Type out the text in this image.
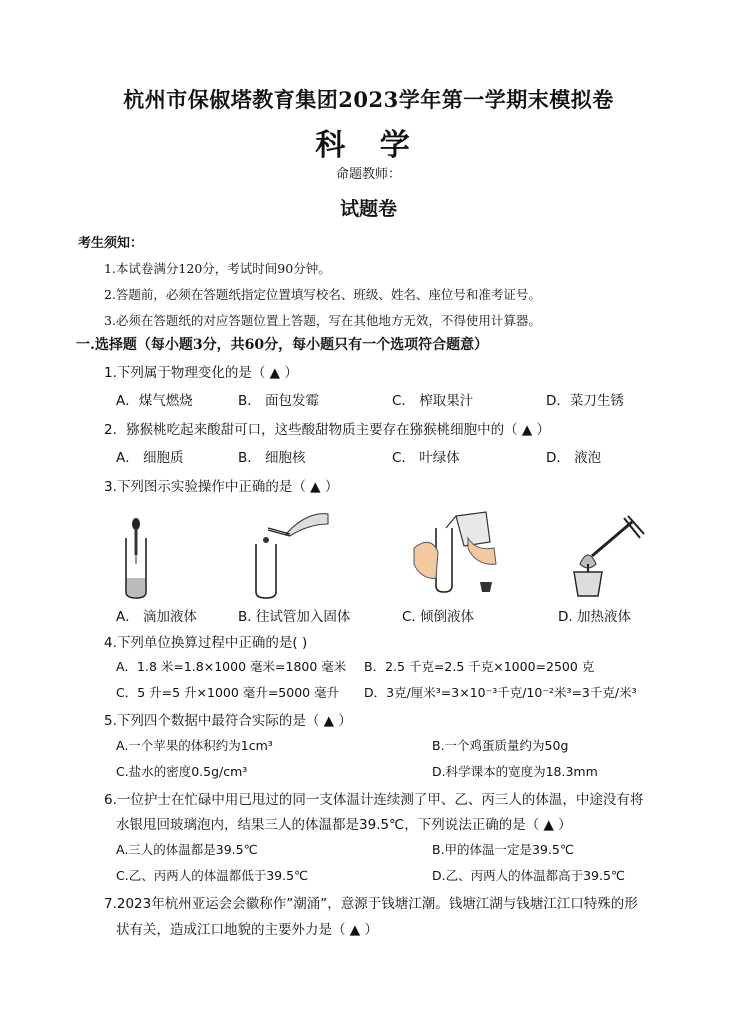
杭州市保俶塔教育集团2023学年第一学期末模拟卷
科 学
命题教师：
试题卷
考生须知：
1.本试卷满分120分，考试时间90分钟。
2.答题前，必须在答题纸指定位置填写校名、班级、姓名、座位号和准考证号。
3.必须在答题纸的对应答题位置上答题，写在其他地方无效，不得使用计算器。
一.选择题（每小题3分，共60分，每小题只有一个选项符合题意）
1.下列属于物理变化的是（ ▲ ）
A．煤气燃烧	B． 面包发霉	C． 榨取果汁	D．菜刀生锈
2．猕猴桃吃起来酸甜可口，这些酸甜物质主要存在猕猴桃细胞中的（ ▲ ）
A． 细胞质	B． 细胞核	C． 叶绿体	D． 液泡
3.下列图示实验操作中正确的是（ ▲ ）
A． 滴加液体	B. 往试管加入固体	C. 倾倒液体	D. 加热液体
4.下列单位换算过程中正确的是( )
A．1.8 米=1.8×1000 毫米=1800 毫米 B．2.5 千克=2.5 千克×1000=2500 克
C．5 升=5 升×1000 毫升=5000 毫升 D．3克/厘米³=3×10⁻³千克/10⁻²米³=3千克/米³
5.下列四个数据中最符合实际的是（ ▲ ）
A.一个苹果的体积约为1cm³	B.一个鸡蛋质量约为50g
C.盐水的密度0.5g/cm³	D.科学课本的宽度为18.3mm
6.一位护士在忙碌中用已甩过的同一支体温计连续测了甲、乙、丙三人的体温，中途没有将
水银甩回玻璃泡内，结果三人的体温都是39.5℃，下列说法正确的是（ ▲ ）
A.三人的体温都是39.5℃	B.甲的体温一定是39.5℃
C.乙、丙两人的体温都低于39.5℃	D.乙、丙两人的体温都高于39.5℃
7.2023年杭州亚运会会徽称作”潮涌”，意源于钱塘江潮。钱塘江湖与钱塘江江口特殊的形
状有关，造成江口地貌的主要外力是（ ▲ ）
